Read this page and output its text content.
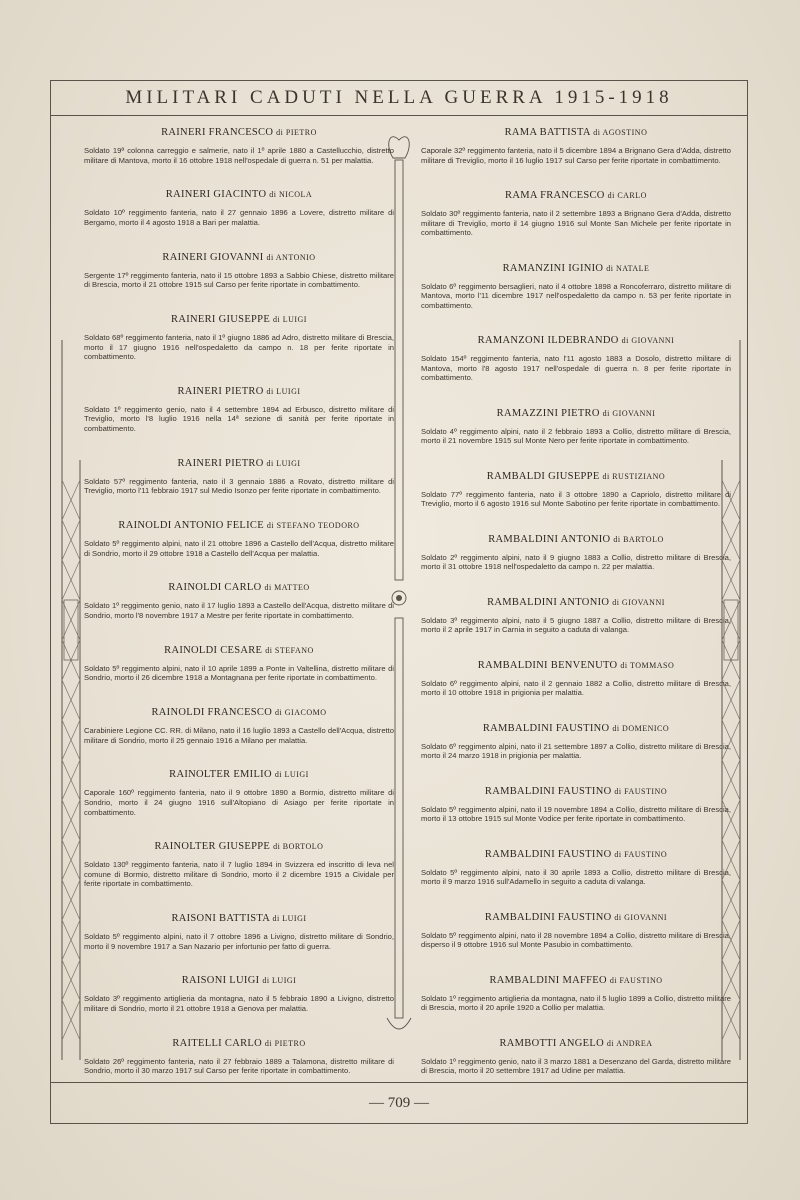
MILITARI CADUTI NELLA GUERRA 1915-1918
RAINERI FRANCESCO di PIETRO
Soldato 19ª colonna carreggio e salmerie, nato il 1º aprile 1880 a Castellucchio, distretto militare di Mantova, morto il 16 ottobre 1918 nell'ospedale di guerra n. 51 per malattia.
RAINERI GIACINTO di NICOLA
Soldato 10º reggimento fanteria, nato il 27 gennaio 1896 a Lovere, distretto militare di Bergamo, morto il 4 agosto 1918 a Bari per malattia.
RAINERI GIOVANNI di ANTONIO
Sergente 17º reggimento fanteria, nato il 15 ottobre 1893 a Sabbio Chiese, distretto militare di Brescia, morto il 21 ottobre 1915 sul Carso per ferite riportate in combattimento.
RAINERI GIUSEPPE di LUIGI
Soldato 68º reggimento fanteria, nato il 1º giugno 1886 ad Adro, distretto militare di Brescia, morto il 17 giugno 1916 nell'ospedaletto da campo n. 18 per ferite riportate in combattimento.
RAINERI PIETRO di LUIGI
Soldato 1º reggimento genio, nato il 4 settembre 1894 ad Erbusco, distretto militare di Treviglio, morto l'8 luglio 1916 nella 14ª sezione di sanità per ferite riportate in combattimento.
RAINERI PIETRO di LUIGI
Soldato 57º reggimento fanteria, nato il 3 gennaio 1886 a Rovato, distretto militare di Treviglio, morto l'11 febbraio 1917 sul Medio Isonzo per ferite riportate in combattimento.
RAINOLDI ANTONIO FELICE di STEFANO TEODORO
Soldato 5º reggimento alpini, nato il 21 ottobre 1896 a Castello dell'Acqua, distretto militare di Sondrio, morto il 29 ottobre 1918 a Castello dell'Acqua per malattia.
RAINOLDI CARLO di MATTEO
Soldato 1º reggimento genio, nato il 17 luglio 1893 a Castello dell'Acqua, distretto militare di Sondrio, morto l'8 novembre 1917 a Mestre per ferite riportate in combattimento.
RAINOLDI CESARE di STEFANO
Soldato 5º reggimento alpini, nato il 10 aprile 1899 a Ponte in Valtellina, distretto militare di Sondrio, morto il 26 dicembre 1918 a Montagnana per ferite riportate in combattimento.
RAINOLDI FRANCESCO di GIACOMO
Carabiniere Legione CC. RR. di Milano, nato il 16 luglio 1893 a Castello dell'Acqua, distretto militare di Sondrio, morto il 25 gennaio 1916 a Milano per malattia.
RAINOLTER EMILIO di LUIGI
Caporale 160º reggimento fanteria, nato il 9 ottobre 1890 a Bormio, distretto militare di Sondrio, morto il 24 giugno 1916 sull'Altopiano di Asiago per ferite riportate in combattimento.
RAINOLTER GIUSEPPE di BORTOLO
Soldato 130º reggimento fanteria, nato il 7 luglio 1894 in Svizzera ed inscritto di leva nel comune di Bormio, distretto militare di Sondrio, morto il 2 dicembre 1915 a Cividale per ferite riportate in combattimento.
RAISONI BATTISTA di LUIGI
Soldato 5º reggimento alpini, nato il 7 ottobre 1896 a Livigno, distretto militare di Sondrio, morto il 9 novembre 1917 a San Nazario per infortunio per fatto di guerra.
RAISONI LUIGI di LUIGI
Soldato 3º reggimento artiglieria da montagna, nato il 5 febbraio 1890 a Livigno, distretto militare di Sondrio, morto il 21 ottobre 1918 a Genova per malattia.
RAITELLI CARLO di PIETRO
Soldato 26º reggimento fanteria, nato il 27 febbraio 1889 a Talamona, distretto militare di Sondrio, morto il 30 marzo 1917 sul Carso per ferite riportate in combattimento.
RAMA BATTISTA di AGOSTINO
Caporale 32º reggimento fanteria, nato il 5 dicembre 1894 a Brignano Gera d'Adda, distretto militare di Treviglio, morto il 16 luglio 1917 sul Carso per ferite riportate in combattimento.
RAMA FRANCESCO di CARLO
Soldato 30º reggimento fanteria, nato il 2 settembre 1893 a Brignano Gera d'Adda, distretto militare di Treviglio, morto il 14 giugno 1916 sul Monte San Michele per ferite riportate in combattimento.
RAMANZINI IGINIO di NATALE
Soldato 6º reggimento bersaglieri, nato il 4 ottobre 1898 a Roncoferraro, distretto militare di Mantova, morto l'11 dicembre 1917 nell'ospedaletto da campo n. 53 per ferite riportate in combattimento.
RAMANZONI ILDEBRANDO di GIOVANNI
Soldato 154º reggimento fanteria, nato l'11 agosto 1883 a Dosolo, distretto militare di Mantova, morto l'8 agosto 1917 nell'ospedale di guerra n. 8 per ferite riportate in combattimento.
RAMAZZINI PIETRO di GIOVANNI
Soldato 4º reggimento alpini, nato il 2 febbraio 1893 a Collio, distretto militare di Brescia, morto il 21 novembre 1915 sul Monte Nero per ferite riportate in combattimento.
RAMBALDI GIUSEPPE di RUSTIZIANO
Soldato 77º reggimento fanteria, nato il 3 ottobre 1890 a Capriolo, distretto militare di Treviglio, morto il 6 agosto 1916 sul Monte Sabotino per ferite riportate in combattimento.
RAMBALDINI ANTONIO di BARTOLO
Soldato 2º reggimento alpini, nato il 9 giugno 1883 a Collio, distretto militare di Brescia, morto il 31 ottobre 1918 nell'ospedaletto da campo n. 22 per malattia.
RAMBALDINI ANTONIO di GIOVANNI
Soldato 3º reggimento alpini, nato il 5 giugno 1887 a Collio, distretto militare di Brescia, morto il 2 aprile 1917 in Carnia in seguito a caduta di valanga.
RAMBALDINI BENVENUTO di TOMMASO
Soldato 6º reggimento alpini, nato il 2 gennaio 1882 a Collio, distretto militare di Brescia, morto il 10 ottobre 1918 in prigionia per malattia.
RAMBALDINI FAUSTINO di DOMENICO
Soldato 6º reggimento alpini, nato il 21 settembre 1897 a Collio, distretto militare di Brescia, morto il 24 marzo 1918 in prigionia per malattia.
RAMBALDINI FAUSTINO di FAUSTINO
Soldato 5º reggimento alpini, nato il 19 novembre 1894 a Collio, distretto militare di Brescia, morto il 13 ottobre 1915 sul Monte Vodice per ferite riportate in combattimento.
RAMBALDINI FAUSTINO di FAUSTINO
Soldato 5º reggimento alpini, nato il 30 aprile 1893 a Collio, distretto militare di Brescia, morto il 9 marzo 1916 sull'Adamello in seguito a caduta di valanga.
RAMBALDINI FAUSTINO di GIOVANNI
Soldato 5º reggimento alpini, nato il 28 novembre 1894 a Collio, distretto militare di Brescia, disperso il 9 ottobre 1916 sul Monte Pasubio in combattimento.
RAMBALDINI MAFFEO di FAUSTINO
Soldato 1º reggimento artiglieria da montagna, nato il 5 luglio 1899 a Collio, distretto militare di Brescia, morto il 20 aprile 1920 a Collio per malattia.
RAMBOTTI ANGELO di ANDREA
Soldato 1º reggimento genio, nato il 3 marzo 1881 a Desenzano del Garda, distretto militare di Brescia, morto il 20 settembre 1917 ad Udine per malattia.
— 709 —
